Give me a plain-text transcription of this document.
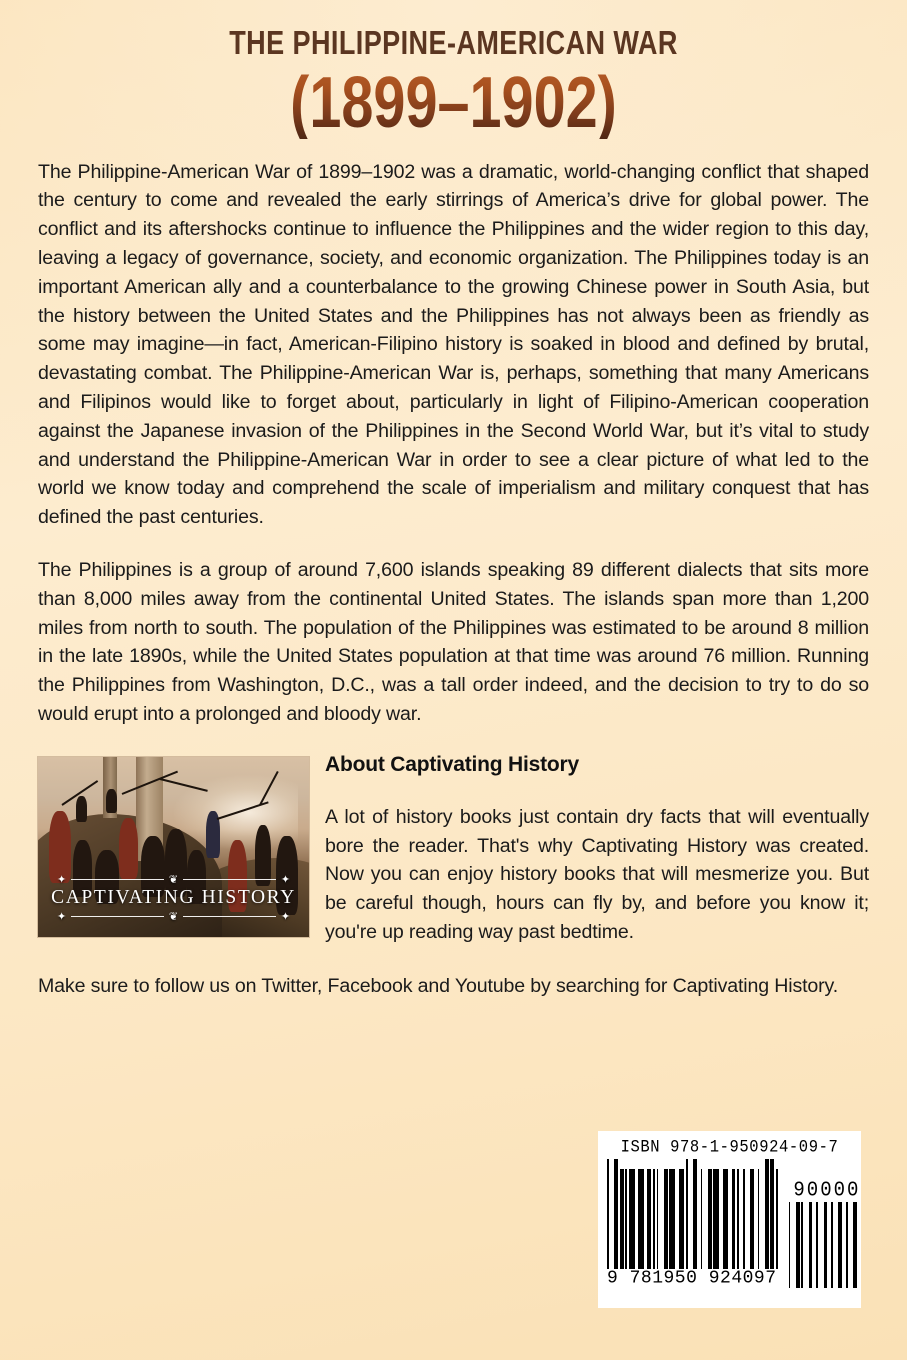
THE PHILIPPINE-AMERICAN WAR
(1899–1902)

The Philippine-American War of 1899–1902 was a dramatic, world-changing conflict that shaped the century to come and revealed the early stirrings of America’s drive for global power. The conflict and its aftershocks continue to influence the Philippines and the wider region to this day, leaving a legacy of governance, society, and economic organization. The Philippines today is an important American ally and a counterbalance to the growing Chinese power in South Asia, but the history between the United States and the Philippines has not always been as friendly as some may imagine—in fact, American-Filipino history is soaked in blood and defined by brutal, devastating combat. The Philippine-American War is, perhaps, something that many Americans and Filipinos would like to forget about, particularly in light of Filipino-American cooperation against the Japanese invasion of the Philippines in the Second World War, but it’s vital to study and understand the Philippine-American War in order to see a clear picture of what led to the world we know today and comprehend the scale of imperialism and military conquest that has defined the past centuries.

The Philippines is a group of around 7,600 islands speaking 89 different dialects that sits more than 8,000 miles away from the continental United States. The islands span more than 1,200 miles from north to south. The population of the Philippines was estimated to be around 8 million in the late 1890s, while the United States population at that time was around 76 million. Running the Philippines from Washington, D.C., was a tall order indeed, and the decision to try to do so would erupt into a prolonged and bloody war.

✦	❦	✦
CAPTIVATING HISTORY
✦	❦	✦
About Captivating History
A lot of history books just contain dry facts that will eventually bore the reader. That's why Captivating History was created. Now you can enjoy history books that will mesmerize you. But be careful though, hours can fly by, and before you know it; you're up reading way past bedtime.

Make sure to follow us on Twitter, Facebook and Youtube by searching for Captivating History.

ISBN 978-1-950924-09-7
9 781950 924097
90000
